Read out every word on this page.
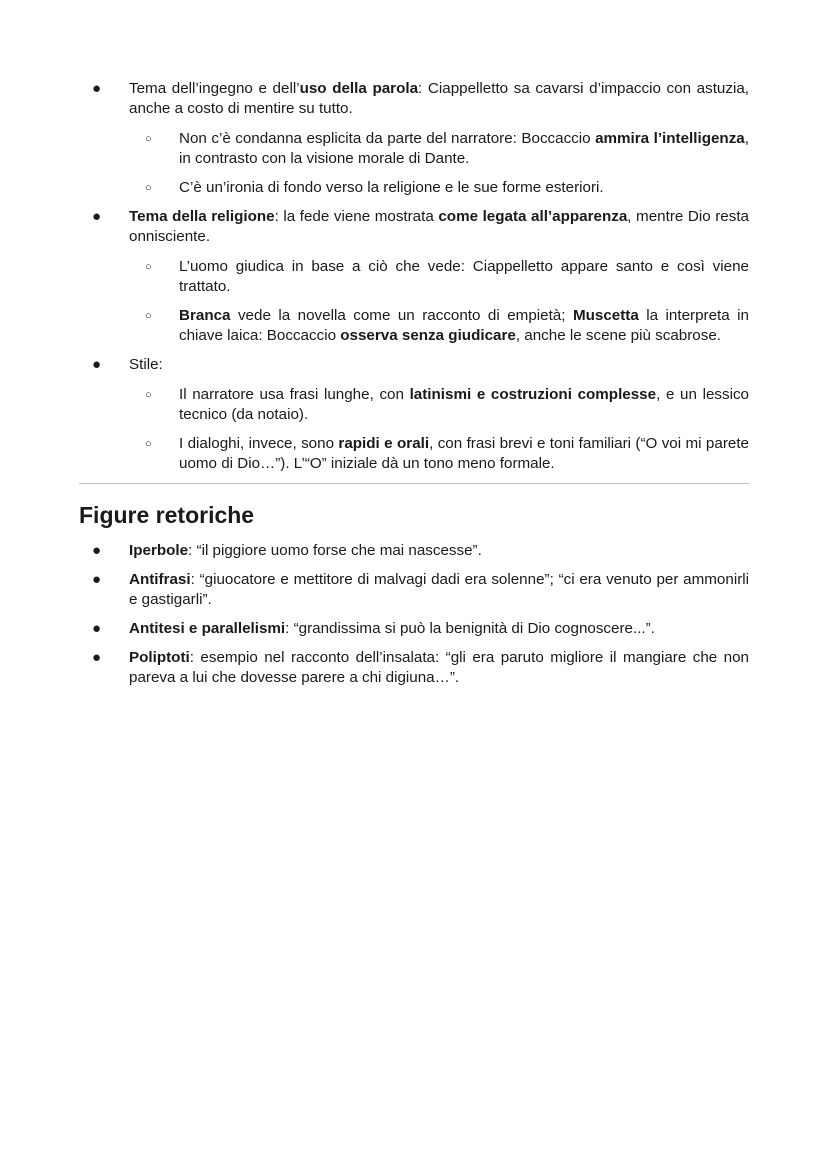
● Tema dell’ingegno e dell’uso della parola: Ciappelletto sa cavarsi d’impaccio con astuzia, anche a costo di mentire su tutto.
○ Non c’è condanna esplicita da parte del narratore: Boccaccio ammira l’intelligenza, in contrasto con la visione morale di Dante.
○ C’è un’ironia di fondo verso la religione e le sue forme esteriori.
● Tema della religione: la fede viene mostrata come legata all’apparenza, mentre Dio resta onnisciente.
○ L’uomo giudica in base a ciò che vede: Ciappelletto appare santo e così viene trattato.
○ Branca vede la novella come un racconto di empietà; Muscetta la interpreta in chiave laica: Boccaccio osserva senza giudicare, anche le scene più scabrose.
● Stile:
○ Il narratore usa frasi lunghe, con latinismi e costruzioni complesse, e un lessico tecnico (da notaio).
○ I dialoghi, invece, sono rapidi e orali, con frasi brevi e toni familiari (“O voi mi parete uomo di Dio…”). L’“O” iniziale dà un tono meno formale.
Figure retoriche
● Iperbole: “il piggiore uomo forse che mai nascesse”.
● Antifrasi: “giuocatore e mettitore di malvagi dadi era solenne”; “ci era venuto per ammonirli e gastigarli”.
● Antitesi e parallelismi: “grandissima si può la benignità di Dio cognoscere...”.
● Poliptoti: esempio nel racconto dell’insalata: “gli era paruto migliore il mangiare che non pareva a lui che dovesse parere a chi digiuna…”.
